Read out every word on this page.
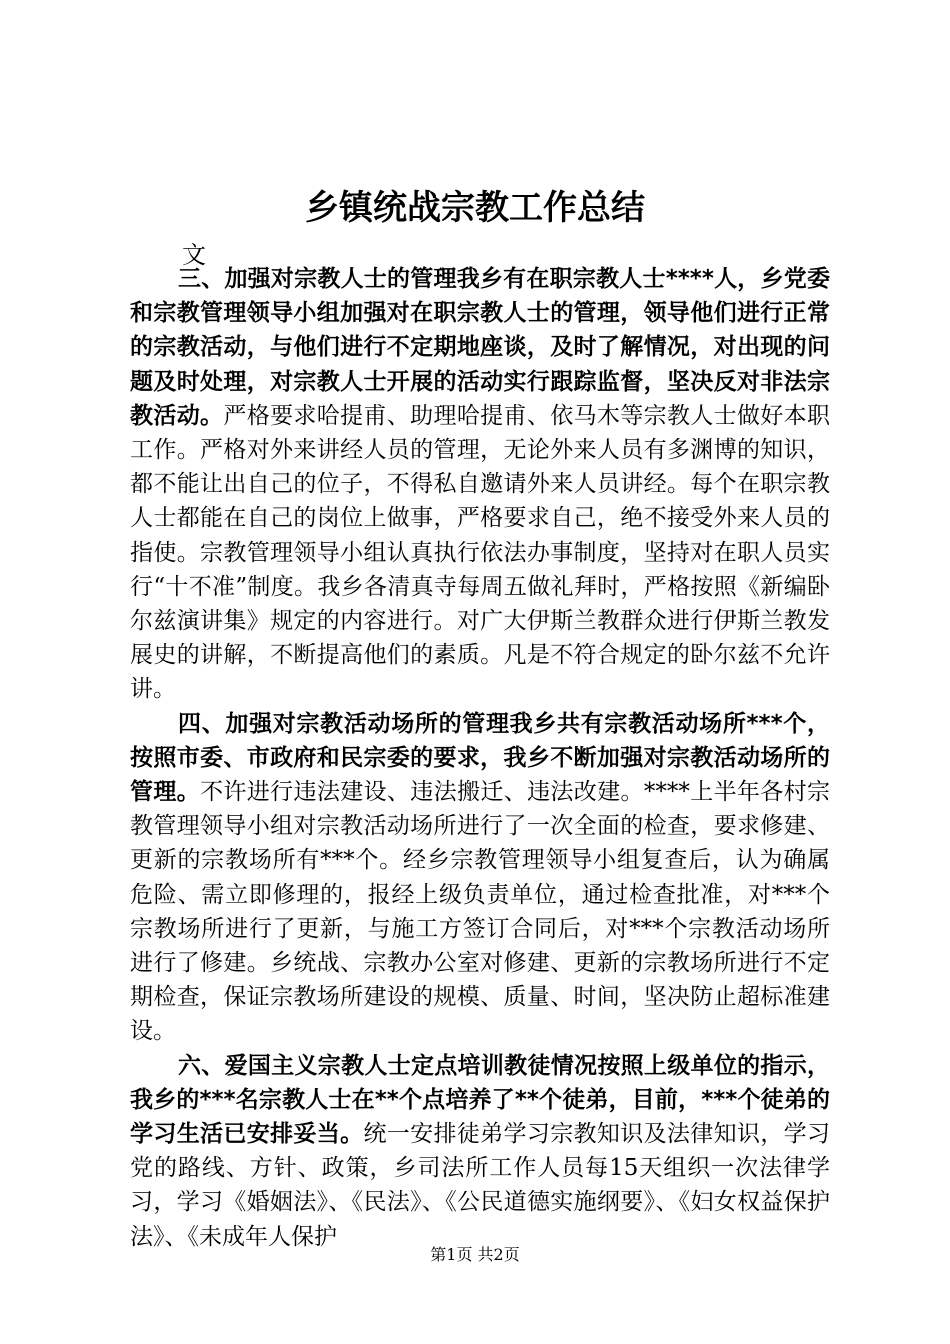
乡镇统战宗教工作总结

文

三、加强对宗教人士的管理我乡有在职宗教人士****人，乡党委和宗教管理领导小组加强对在职宗教人士的管理，领导他们进行正常的宗教活动，与他们进行不定期地座谈，及时了解情况，对出现的问题及时处理，对宗教人士开展的活动实行跟踪监督，坚决反对非法宗教活动。严格要求哈提甫、助理哈提甫、依马木等宗教人士做好本职工作。严格对外来讲经人员的管理，无论外来人员有多渊博的知识，都不能让出自己的位子，不得私自邀请外来人员讲经。每个在职宗教人士都能在自己的岗位上做事，严格要求自己，绝不接受外来人员的指使。宗教管理领导小组认真执行依法办事制度，坚持对在职人员实行“十不准”制度。我乡各清真寺每周五做礼拜时，严格按照《新编卧尔兹演讲集》规定的内容进行。对广大伊斯兰教群众进行伊斯兰教发展史的讲解，不断提高他们的素质。凡是不符合规定的卧尔兹不允许讲。

四、加强对宗教活动场所的管理我乡共有宗教活动场所***个，按照市委、市政府和民宗委的要求，我乡不断加强对宗教活动场所的管理。不许进行违法建设、违法搬迁、违法改建。****上半年各村宗教管理领导小组对宗教活动场所进行了一次全面的检查，要求修建、更新的宗教场所有***个。经乡宗教管理领导小组复查后，认为确属危险、需立即修理的，报经上级负责单位，通过检查批准，对***个宗教场所进行了更新，与施工方签订合同后，对***个宗教活动场所进行了修建。乡统战、宗教办公室对修建、更新的宗教场所进行不定期检查，保证宗教场所建设的规模、质量、时间，坚决防止超标准建设。

六、爱国主义宗教人士定点培训教徒情况按照上级单位的指示，我乡的***名宗教人士在**个点培养了**个徒弟，目前，***个徒弟的学习生活已安排妥当。统一安排徒弟学习宗教知识及法律知识，学习党的路线、方针、政策，乡司法所工作人员每15天组织一次法律学习，学习《婚姻法》、《民法》、《公民道德实施纲要》、《妇女权益保护法》、《未成年人保护

第1页 共2页
